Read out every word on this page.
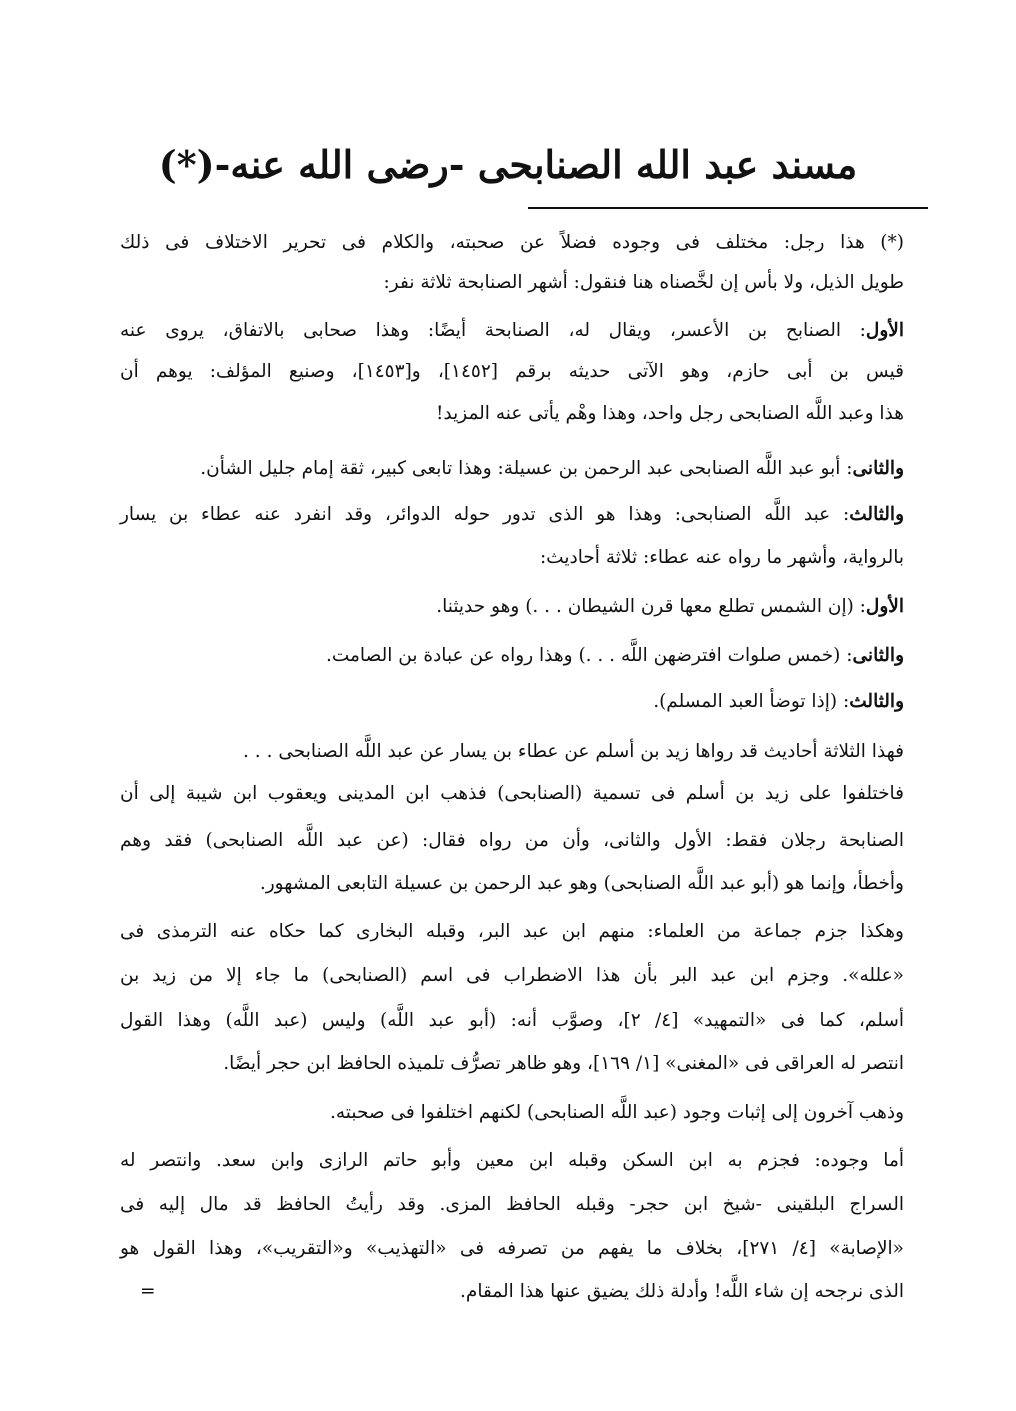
مسند عبد الله الصنابحى -رضى الله عنه-(*)
(*) هذا رجل: مختلف فى وجوده فضلاً عن صحبته، والكلام فى تحرير الاختلاف فى ذلك
طويل الذيل، ولا بأس إن لخَّصناه هنا فنقول: أشهر الصنابحة ثلاثة نفر:
الأول: الصنابح بن الأعسر، ويقال له، الصنابحة أيضًا: وهذا صحابى بالاتفاق، يروى عنه
قيس بن أبى حازم، وهو الآتى حديثه برقم [١٤٥٢]، و[١٤٥٣]، وصنيع المؤلف: يوهم أن
هذا وعبد اللَّه الصنابحى رجل واحد، وهذا وهْم يأتى عنه المزيد!
والثانى: أبو عبد اللَّه الصنابحى عبد الرحمن بن عسيلة: وهذا تابعى كبير، ثقة إمام جليل الشأن.
والثالث: عبد اللَّه الصنابحى: وهذا هو الذى تدور حوله الدوائر، وقد انفرد عنه عطاء بن يسار
بالرواية، وأشهر ما رواه عنه عطاء: ثلاثة أحاديث:
الأول: (إن الشمس تطلع معها قرن الشيطان . . .) وهو حديثنا.
والثانى: (خمس صلوات افترضهن اللَّه . . .) وهذا رواه عن عبادة بن الصامت.
والثالث: (إذا توضأ العبد المسلم).
فهذا الثلاثة أحاديث قد رواها زيد بن أسلم عن عطاء بن يسار عن عبد اللَّه الصنابحى . . .
فاختلفوا على زيد بن أسلم فى تسمية (الصنابحى) فذهب ابن المدينى ويعقوب ابن شيبة إلى أن
الصنابحة رجلان فقط: الأول والثانى، وأن من رواه فقال: (عن عبد اللَّه الصنابحى) فقد وهم
وأخطأ، وإنما هو (أبو عبد اللَّه الصنابحى) وهو عبد الرحمن بن عسيلة التابعى المشهور.
وهكذا جزم جماعة من العلماء: منهم ابن عبد البر، وقبله البخارى كما حكاه عنه الترمذى فى
«علله». وجزم ابن عبد البر بأن هذا الاضطراب فى اسم (الصنابحى) ما جاء إلا من زيد بن
أسلم، كما فى «التمهيد» [٤/ ٢]، وصوَّب أنه: (أبو عبد اللَّه) وليس (عبد اللَّه) وهذا القول
انتصر له العراقى فى «المغنى» [١/ ١٦٩]، وهو ظاهر تصرُّف تلميذه الحافظ ابن حجر أيضًا.
وذهب آخرون إلى إثبات وجود (عبد اللَّه الصنابحى) لكنهم اختلفوا فى صحبته.
أما وجوده: فجزم به ابن السكن وقبله ابن معين وأبو حاتم الرازى وابن سعد. وانتصر له
السراج البلقينى -شيخ ابن حجر- وقبله الحافظ المزى. وقد رأيتُ الحافظ قد مال إليه فى
«الإصابة» [٤/ ٢٧١]، بخلاف ما يفهم من تصرفه فى «التهذيب» و«التقريب»، وهذا القول هو
الذى نرجحه إن شاء اللَّه! وأدلة ذلك يضيق عنها هذا المقام.
=
